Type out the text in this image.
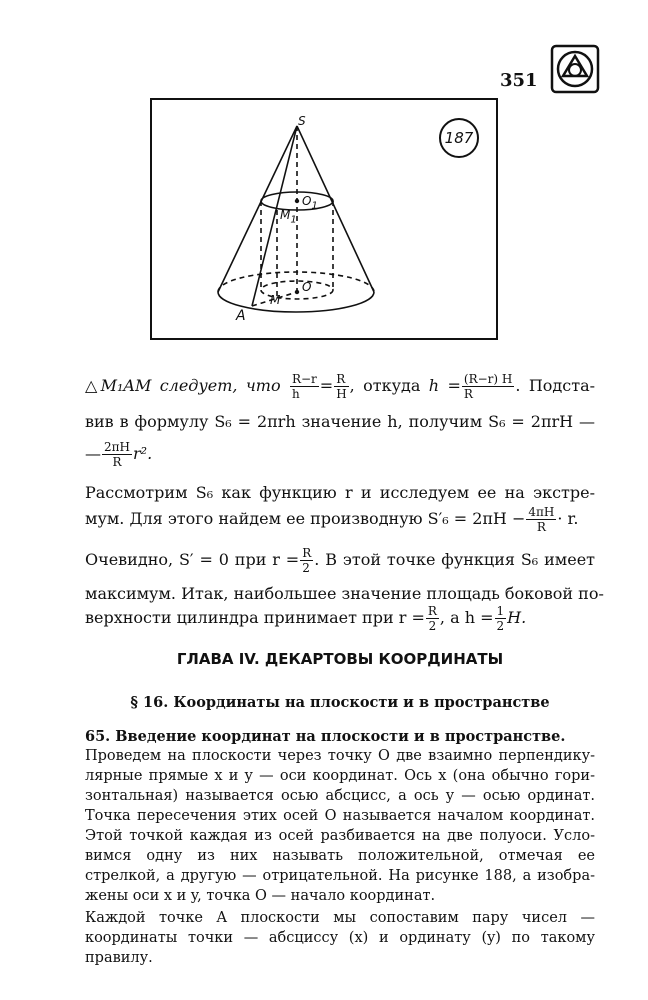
351
187
S
$O_1$
$M_1$
O
M
A
△M₁AM следует, что $\frac{R-r}{h} = \frac{R}{H}$ , откуда $h = \frac{(R-r) H}{R}$ . Подста-
вив в формулу S₆ = 2πrh значение h, получим S₆ = 2πrH —
— $\frac{2\pi H}{R} r^2$.
Рассмотрим S₆ как функцию r и исследуем ее на экстре-
мум. Для этого найдем ее производную $S'_6 = 2\pi H - \frac{4\pi H}{R} \cdot r$.
Очевидно, S′ = 0 при $r = \frac{R}{2}$ . В этой точке функция S₆ имеет
максимум. Итак, наибольшее значение площадь боковой по-
верхности цилиндра принимает при $r = \frac{R}{2}$ , а $h = \frac{1}{2} H$.
ГЛАВА IV. ДЕКАРТОВЫ КООРДИНАТЫ
§ 16. Координаты на плоскости и в пространстве
65. Введение координат на плоскости и в пространстве.
Проведем на плоскости через точку O две взаимно перпендику-
лярные прямые x и y — оси координат. Ось x (она обычно гори-
зонтальная) называется осью абсцисс, а ось y — осью ординат.
Точка пересечения этих осей O называется началом координат.
Этой точкой каждая из осей разбивается на две полуоси. Усло-
вимся одну из них называть положительной, отмечая ее
стрелкой, а другую — отрицательной. На рисунке 188, a изобра-
жены оси x и y, точка O — начало координат.
Каждой точке A плоскости мы сопоставим пару чисел —
координаты точки — абсциссу (x) и ординату (y) по такому
правилу.
